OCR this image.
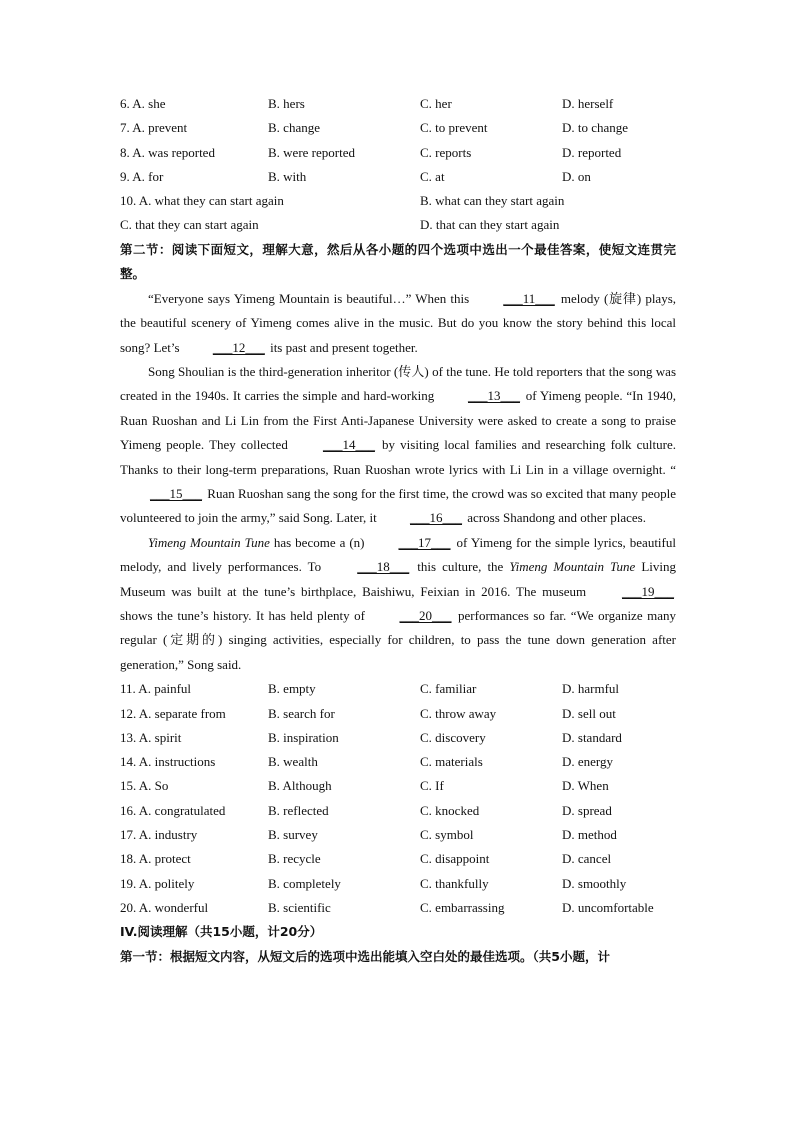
6. A. she	B. hers	C. her	D. herself
7. A. prevent	B. change	C. to prevent	D. to change
8. A. was reported	B. were reported	C. reports	D. reported
9. A. for	B. with	C. at	D. on
10. A. what they can start again	B. what can they start again
C. that they can start again	D. that can they start again
第二节：阅读下面短文，理解大意，然后从各小题的四个选项中选出一个最佳答案，使短文连贯完整。

“Everyone says Yimeng Mountain is beautiful…” When this ___11___ melody (旋律) plays, the beautiful scenery of Yimeng comes alive in the music. But do you know the story behind this local song? Let’s ___12___ its past and present together.

Song Shoulian is the third-generation inheritor (传人) of the tune. He told reporters that the song was created in the 1940s. It carries the simple and hard-working ___13___ of Yimeng people. “In 1940, Ruan Ruoshan and Li Lin from the First Anti-Japanese University were asked to create a song to praise Yimeng people. They collected ___14___ by visiting local families and researching folk culture. Thanks to their long-term preparations, Ruan Ruoshan wrote lyrics with Li Lin in a village overnight. “___15___ Ruan Ruoshan sang the song for the first time, the crowd was so excited that many people volunteered to join the army,” said Song. Later, it ___16___ across Shandong and other places.

Yimeng Mountain Tune has become a (n) ___17___ of Yimeng for the simple lyrics, beautiful melody, and lively performances. To ___18___ this culture, the Yimeng Mountain Tune Living Museum was built at the tune’s birthplace, Baishiwu, Feixian in 2016. The museum ___19___ shows the tune’s history. It has held plenty of ___20___ performances so far. “We organize many regular (定期的) singing activities, especially for children, to pass the tune down generation after generation,” Song said.

11. A. painful	B. empty	C. familiar	D. harmful
12. A. separate from	B. search for	C. throw away	D. sell out
13. A. spirit	B. inspiration	C. discovery	D. standard
14. A. instructions	B. wealth	C. materials	D. energy
15. A. So	B. Although	C. If	D. When
16. A. congratulated	B. reflected	C. knocked	D. spread
17. A. industry	B. survey	C. symbol	D. method
18. A. protect	B. recycle	C. disappoint	D. cancel
19. A. politely	B. completely	C. thankfully	D. smoothly
20. A. wonderful	B. scientific	C. embarrassing	D. uncomfortable
IV.阅读理解（共15小题，计20分）
第一节：根据短文内容，从短文后的选项中选出能填入空白处的最佳选项。（共5小题，计
